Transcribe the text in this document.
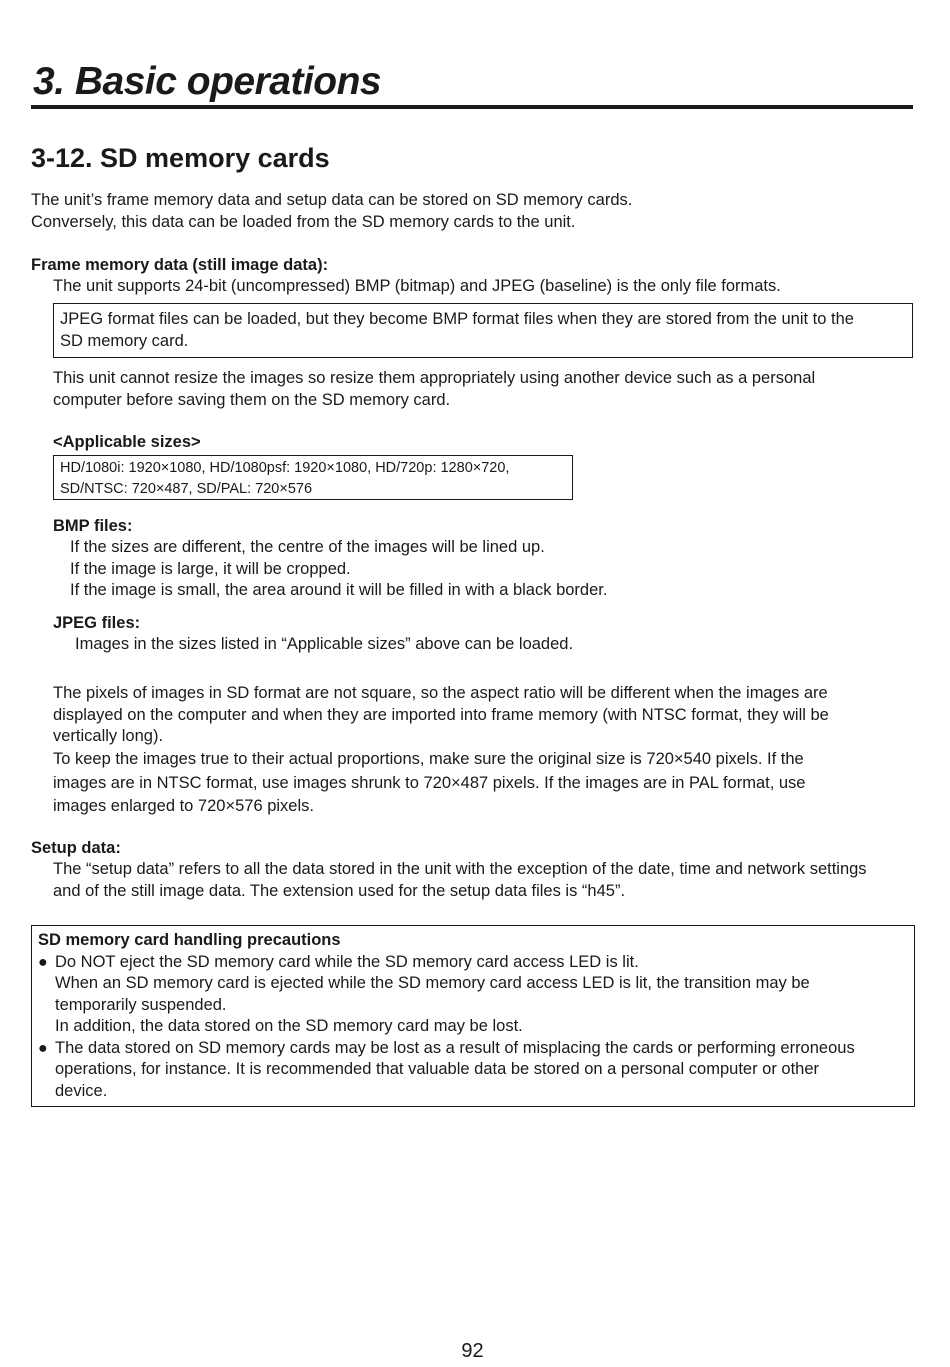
3. Basic operations
3-12. SD memory cards
The unit’s frame memory data and setup data can be stored on SD memory cards.
Conversely, this data can be loaded from the SD memory cards to the unit.
Frame memory data (still image data):
The unit supports 24-bit (uncompressed) BMP (bitmap) and JPEG (baseline) is the only file formats.
JPEG format files can be loaded, but they become BMP format files when they are stored from the unit to the
SD memory card.
This unit cannot resize the images so resize them appropriately using another device such as a personal
computer before saving them on the SD memory card.
<Applicable sizes>
HD/1080i: 1920×1080, HD/1080psf: 1920×1080, HD/720p: 1280×720,
SD/NTSC: 720×487, SD/PAL: 720×576
BMP files:
If the sizes are different, the centre of the images will be lined up.
If the image is large, it will be cropped.
If the image is small, the area around it will be filled in with a black border.
JPEG files:
Images in the sizes listed in “Applicable sizes” above can be loaded.
The pixels of images in SD format are not square, so the aspect ratio will be different when the images are
displayed on the computer and when they are imported into frame memory (with NTSC format, they will be
vertically long).
To keep the images true to their actual proportions, make sure the original size is 720×540 pixels. If the
images are in NTSC format, use images shrunk to 720×487 pixels. If the images are in PAL format, use
images enlarged to 720×576 pixels.
Setup data:
The “setup data” refers to all the data stored in the unit with the exception of the date, time and network settings
and of the still image data. The extension used for the setup data files is “h45”.
SD memory card handling precautions
● Do NOT eject the SD memory card while the SD memory card access LED is lit.
When an SD memory card is ejected while the SD memory card access LED is lit, the transition may be
temporarily suspended.
In addition, the data stored on the SD memory card may be lost.
● The data stored on SD memory cards may be lost as a result of misplacing the cards or performing erroneous
operations, for instance. It is recommended that valuable data be stored on a personal computer or other
device.
92
